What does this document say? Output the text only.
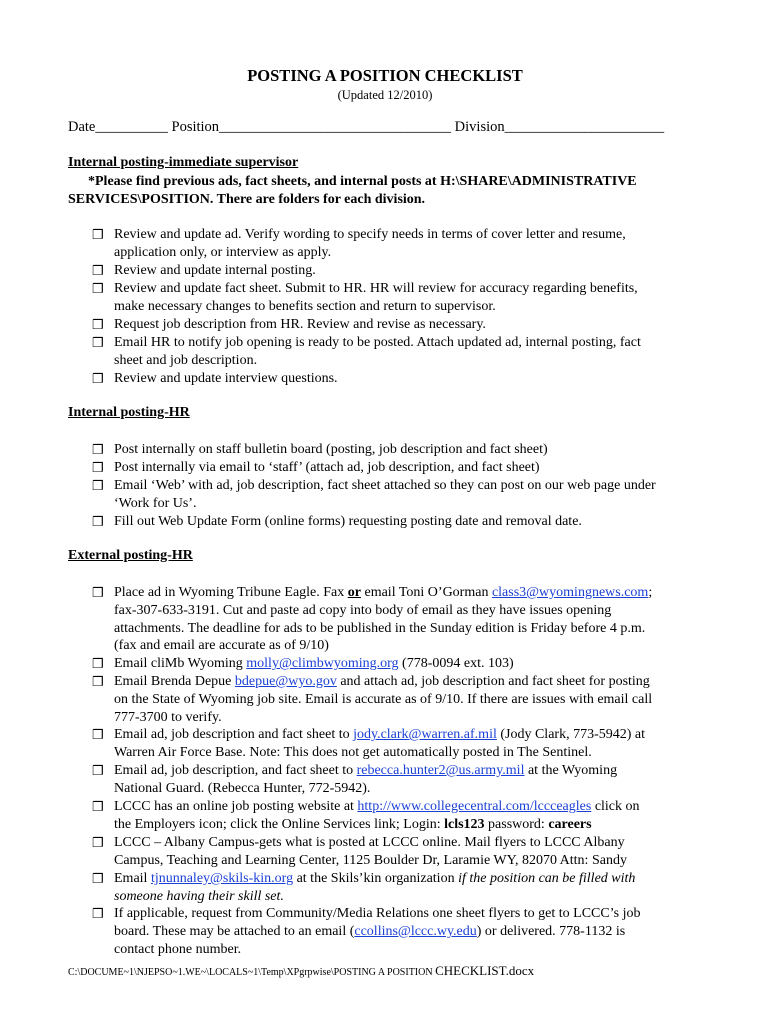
POSTING A POSITION CHECKLIST
(Updated 12/2010)
Date__________ Position________________________________ Division______________________
Internal posting-immediate supervisor
*Please find previous ads, fact sheets, and internal posts at H:\SHARE\ADMINISTRATIVE
SERVICES\POSITION. There are folders for each division.
❒ Review and update ad. Verify wording to specify needs in terms of cover letter and resume,
application only, or interview as apply.
❒ Review and update internal posting.
❒ Review and update fact sheet. Submit to HR. HR will review for accuracy regarding benefits,
make necessary changes to benefits section and return to supervisor.
❒ Request job description from HR. Review and revise as necessary.
❒ Email HR to notify job opening is ready to be posted. Attach updated ad, internal posting, fact
sheet and job description.
❒ Review and update interview questions.
Internal posting-HR
❒ Post internally on staff bulletin board (posting, job description and fact sheet)
❒ Post internally via email to ‘staff’ (attach ad, job description, and fact sheet)
❒ Email ‘Web’ with ad, job description, fact sheet attached so they can post on our web page under
‘Work for Us’.
❒ Fill out Web Update Form (online forms) requesting posting date and removal date.
External posting-HR
❒ Place ad in Wyoming Tribune Eagle. Fax or email Toni O’Gorman class3@wyomingnews.com;
fax-307-633-3191. Cut and paste ad copy into body of email as they have issues opening
attachments. The deadline for ads to be published in the Sunday edition is Friday before 4 p.m.
(fax and email are accurate as of 9/10)
❒ Email cliMb Wyoming molly@climbwyoming.org (778-0094 ext. 103)
❒ Email Brenda Depue bdepue@wyo.gov and attach ad, job description and fact sheet for posting
on the State of Wyoming job site. Email is accurate as of 9/10. If there are issues with email call
777-3700 to verify.
❒ Email ad, job description and fact sheet to jody.clark@warren.af.mil (Jody Clark, 773-5942) at
Warren Air Force Base. Note: This does not get automatically posted in The Sentinel.
❒ Email ad, job description, and fact sheet to rebecca.hunter2@us.army.mil at the Wyoming
National Guard. (Rebecca Hunter, 772-5942).
❒ LCCC has an online job posting website at http://www.collegecentral.com/lccceagles click on
the Employers icon; click the Online Services link; Login: lcls123 password: careers
❒ LCCC – Albany Campus-gets what is posted at LCCC online. Mail flyers to LCCC Albany
Campus, Teaching and Learning Center, 1125 Boulder Dr, Laramie WY, 82070 Attn: Sandy
❒ Email tjnunnaley@skils-kin.org at the Skils’kin organization if the position can be filled with
someone having their skill set.
❒ If applicable, request from Community/Media Relations one sheet flyers to get to LCCC’s job
board. These may be attached to an email (ccollins@lccc.wy.edu) or delivered. 778-1132 is
contact phone number.
C:\DOCUME~1\NJEPSO~1.WE~\LOCALS~1\Temp\XPgrpwise\POSTING A POSITION CHECKLIST.docx
